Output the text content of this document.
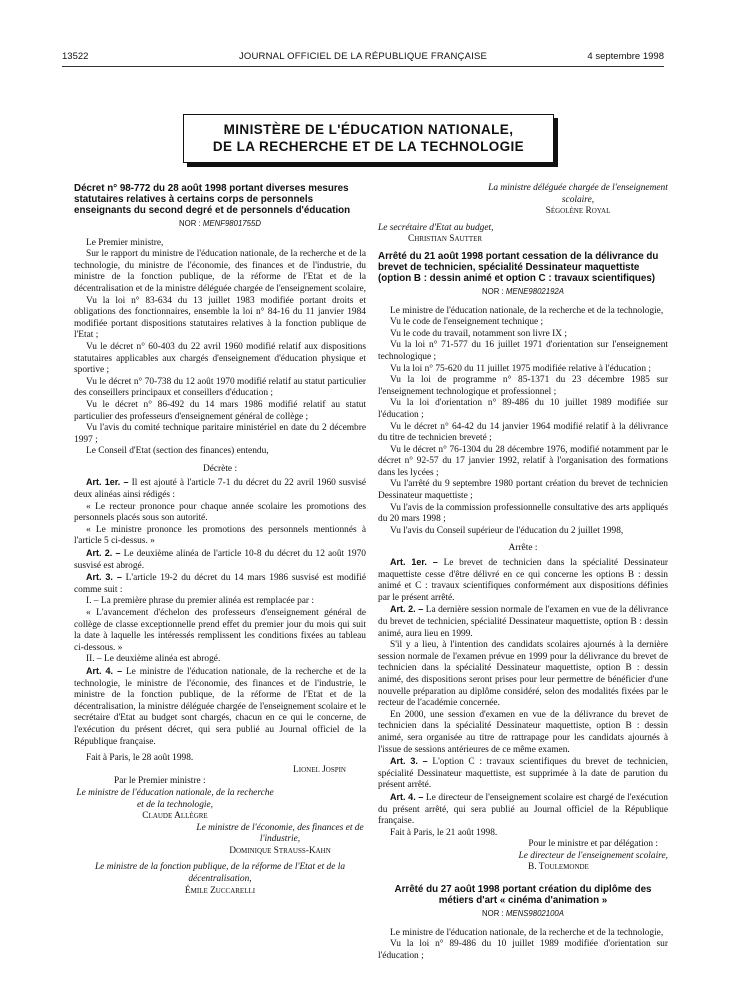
13522	JOURNAL OFFICIEL DE LA RÉPUBLIQUE FRANÇAISE	4 septembre 1998
MINISTÈRE DE L'ÉDUCATION NATIONALE,
DE LA RECHERCHE ET DE LA TECHNOLOGIE
Décret n° 98-772 du 28 août 1998 portant diverses mesures statutaires relatives à certains corps de personnels enseignants du second degré et de personnels d'éducation
NOR : MENF9801755D

Le Premier ministre,

Sur le rapport du ministre de l'éducation nationale, de la recherche et de la technologie, du ministre de l'économie, des finances et de l'industrie, du ministre de la fonction publique, de la réforme de l'Etat et de la décentralisation et de la ministre déléguée chargée de l'enseignement scolaire,

Vu la loi n° 83-634 du 13 juillet 1983 modifiée portant droits et obligations des fonctionnaires, ensemble la loi n° 84-16 du 11 janvier 1984 modifiée portant dispositions statutaires relatives à la fonction publique de l'Etat ;

Vu le décret n° 60-403 du 22 avril 1960 modifié relatif aux dispositions statutaires applicables aux chargés d'enseignement d'éducation physique et sportive ;

Vu le décret n° 70-738 du 12 août 1970 modifié relatif au statut particulier des conseillers principaux et conseillers d'éducation ;

Vu le décret n° 86-492 du 14 mars 1986 modifié relatif au statut particulier des professeurs d'enseignement général de collège ;

Vu l'avis du comité technique paritaire ministériel en date du 2 décembre 1997 ;

Le Conseil d'Etat (section des finances) entendu,

Décrète :

Art. 1er. – Il est ajouté à l'article 7-1 du décret du 22 avril 1960 susvisé deux alinéas ainsi rédigés :

« Le recteur prononce pour chaque année scolaire les promotions des personnels placés sous son autorité.

« Le ministre prononce les promotions des personnels mentionnés à l'article 5 ci-dessus. »

Art. 2. – Le deuxième alinéa de l'article 10-8 du décret du 12 août 1970 susvisé est abrogé.

Art. 3. – L'article 19-2 du décret du 14 mars 1986 susvisé est modifié comme suit :

I. – La première phrase du premier alinéa est remplacée par :

« L'avancement d'échelon des professeurs d'enseignement général de collège de classe exceptionnelle prend effet du premier jour du mois qui suit la date à laquelle les intéressés remplissent les conditions fixées au tableau ci-dessous. »

II. – Le deuxième alinéa est abrogé.

Art. 4. – Le ministre de l'éducation nationale, de la recherche et de la technologie, le ministre de l'économie, des finances et de l'industrie, le ministre de la fonction publique, de la réforme de l'Etat et de la décentralisation, la ministre déléguée chargée de l'enseignement scolaire et le secrétaire d'Etat au budget sont chargés, chacun en ce qui le concerne, de l'exécution du présent décret, qui sera publié au Journal officiel de la République française.

Fait à Paris, le 28 août 1998.

Lionel Jospin

Par le Premier ministre :

Le ministre de l'éducation nationale, de la recherche et de la technologie,

Claude Allègre

Le ministre de l'économie, des finances et de l'industrie,

Dominique Strauss-Kahn

Le ministre de la fonction publique, de la réforme de l'Etat et de la décentralisation,

Émile Zuccarelli

La ministre déléguée chargée de l'enseignement scolaire,

Ségolène Royal

Le secrétaire d'Etat au budget,

Christian Sautter

Arrêté du 21 août 1998 portant cessation de la délivrance du brevet de technicien, spécialité Dessinateur maquettiste (option B : dessin animé et option C : travaux scientifiques)
NOR : MENE9802192A

Le ministre de l'éducation nationale, de la recherche et de la technologie,

Vu le code de l'enseignement technique ;

Vu le code du travail, notamment son livre IX ;

Vu la loi n° 71-577 du 16 juillet 1971 d'orientation sur l'enseignement technologique ;

Vu la loi n° 75-620 du 11 juillet 1975 modifiée relative à l'éducation ;

Vu la loi de programme n° 85-1371 du 23 décembre 1985 sur l'enseignement technologique et professionnel ;

Vu la loi d'orientation n° 89-486 du 10 juillet 1989 modifiée sur l'éducation ;

Vu le décret n° 64-42 du 14 janvier 1964 modifié relatif à la délivrance du titre de technicien breveté ;

Vu le décret n° 76-1304 du 28 décembre 1976, modifié notamment par le décret n° 92-57 du 17 janvier 1992, relatif à l'organisation des formations dans les lycées ;

Vu l'arrêté du 9 septembre 1980 portant création du brevet de technicien Dessinateur maquettiste ;

Vu l'avis de la commission professionnelle consultative des arts appliqués du 20 mars 1998 ;

Vu l'avis du Conseil supérieur de l'éducation du 2 juillet 1998,

Arrête :

Art. 1er. – Le brevet de technicien dans la spécialité Dessinateur maquettiste cesse d'être délivré en ce qui concerne les options B : dessin animé et C : travaux scientifiques conformément aux dispositions définies par le présent arrêté.

Art. 2. – La dernière session normale de l'examen en vue de la délivrance du brevet de technicien, spécialité Dessinateur maquettiste, option B : dessin animé, aura lieu en 1999.

S'il y a lieu, à l'intention des candidats scolaires ajournés à la dernière session normale de l'examen prévue en 1999 pour la délivrance du brevet de technicien dans la spécialité Dessinateur maquettiste, option B : dessin animé, des dispositions seront prises pour leur permettre de bénéficier d'une nouvelle préparation au diplôme considéré, selon des modalités fixées par le recteur de l'académie concernée.

En 2000, une session d'examen en vue de la délivrance du brevet de technicien dans la spécialité Dessinateur maquettiste, option B : dessin animé, sera organisée au titre de rattrapage pour les candidats ajournés à l'issue de sessions antérieures de ce même examen.

Art. 3. – L'option C : travaux scientifiques du brevet de technicien, spécialité Dessinateur maquettiste, est supprimée à la date de parution du présent arrêté.

Art. 4. – Le directeur de l'enseignement scolaire est chargé de l'exécution du présent arrêté, qui sera publié au Journal officiel de la République française.

Fait à Paris, le 21 août 1998.

Pour le ministre et par délégation :

Le directeur de l'enseignement scolaire,

B. Toulemonde

Arrêté du 27 août 1998 portant création du diplôme des métiers d'art « cinéma d'animation »
NOR : MENS9802100A

Le ministre de l'éducation nationale, de la recherche et de la technologie,

Vu la loi n° 89-486 du 10 juillet 1989 modifiée d'orientation sur l'éducation ;
